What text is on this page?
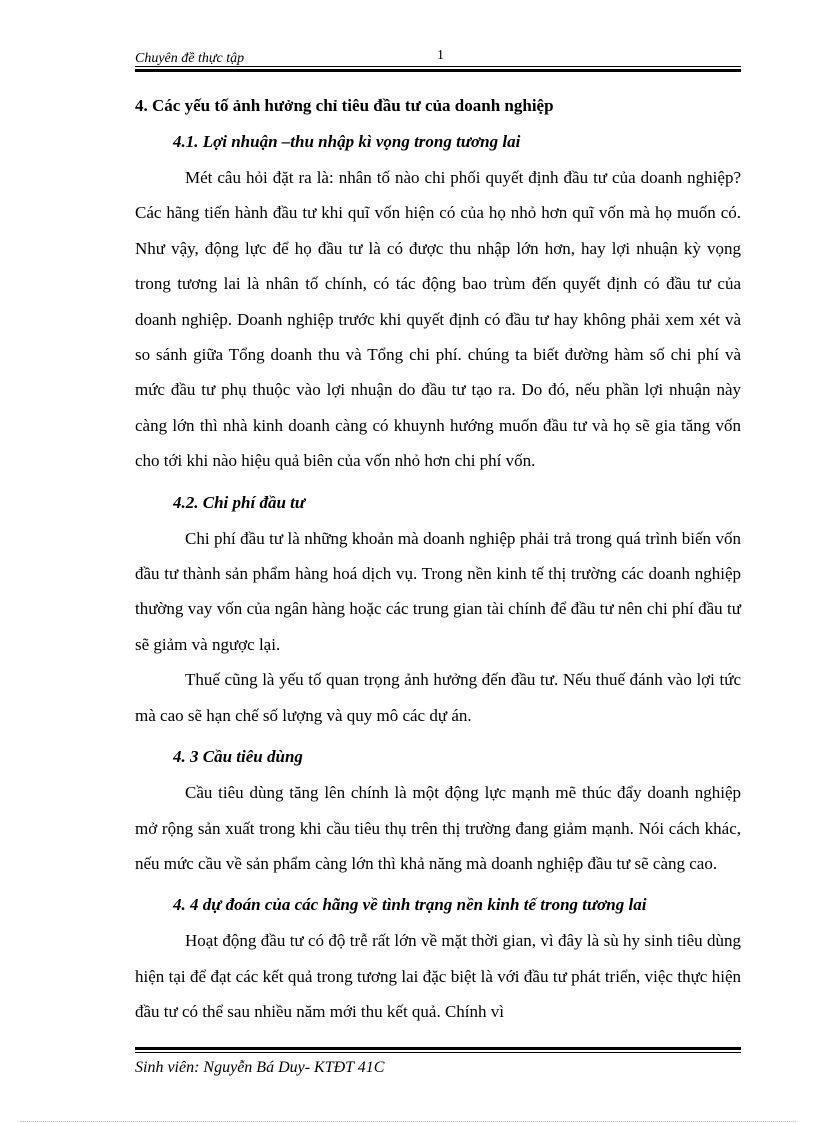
Chuyên đề thực tập	1

4. Các yếu tố ảnh hưởng chỉ tiêu đầu tư của doanh nghiệp

4.1. Lợi nhuận –thu nhập kì vọng trong tương lai

Mét câu hỏi đặt ra là: nhân tố nào chi phối quyết định đầu tư của doanh nghiệp? Các hãng tiến hành đầu tư khi quĩ vốn hiện có của họ nhỏ hơn quĩ vốn mà họ muốn có. Như vậy, động lực để họ đầu tư là có được thu nhập lớn hơn, hay lợi nhuận kỳ vọng trong tương lai là nhân tố chính, có tác động bao trùm đến quyết định có đầu tư của doanh nghiệp. Doanh nghiệp trước khi quyết định có đầu tư hay không phải xem xét và so sánh giữa Tổng doanh thu và Tổng chi phí. chúng ta biết đường hàm số chi phí và mức đầu tư phụ thuộc vào lợi nhuận do đầu tư tạo ra. Do đó, nếu phần lợi nhuận này càng lớn thì nhà kinh doanh càng có khuynh hướng muốn đầu tư và họ sẽ gia tăng vốn cho tới khi nào hiệu quả biên của vốn nhỏ hơn chi phí vốn.

4.2. Chi phí đầu tư

Chi phí đầu tư là những khoản mà doanh nghiệp phải trả trong quá trình biến vốn đầu tư thành sản phẩm hàng hoá dịch vụ. Trong nền kinh tế thị trường các doanh nghiệp thường vay vốn của ngân hàng hoặc các trung gian tài chính để đầu tư nên chi phí đầu tư sẽ giảm và ngược lại.

Thuế cũng là yếu tố quan trọng ảnh hưởng đến đầu tư. Nếu thuế đánh vào lợi tức mà cao sẽ hạn chế số lượng và quy mô các dự án.

4. 3 Cầu tiêu dùng

Cầu tiêu dùng tăng lên chính là một động lực mạnh mẽ thúc đẩy doanh nghiệp mở rộng sản xuất trong khi cầu tiêu thụ trên thị trường đang giảm mạnh. Nói cách khác, nếu mức cầu về sản phẩm càng lớn thì khả năng mà doanh nghiệp đầu tư sẽ càng cao.

4. 4 dự đoán của các hãng về tình trạng nền kinh tế trong tương lai

Hoạt động đầu tư có độ trễ rất lớn về mặt thời gian, vì đây là sù hy sinh tiêu dùng hiện tại để đạt các kết quả trong tương lai đặc biệt là với đầu tư phát triển, việc thực hiện đầu tư có thể sau nhiều năm mới thu kết quả. Chính vì

Sinh viên: Nguyễn Bá Duy- KTĐT 41C
